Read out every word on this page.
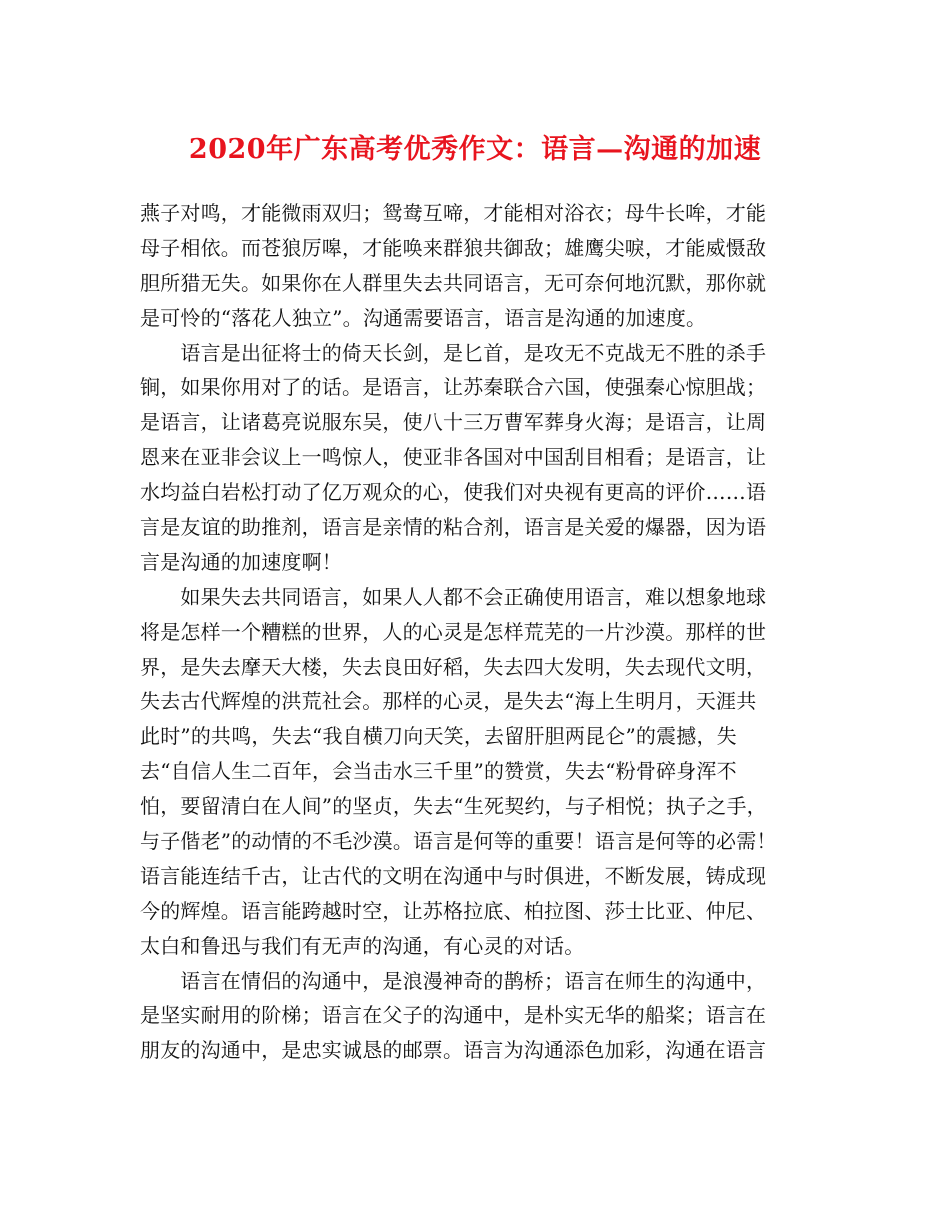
2020年广东高考优秀作文：语言—沟通的加速
燕子对鸣，才能微雨双归；鸳鸯互啼，才能相对浴衣；母牛长哞，才能
母子相依。而苍狼厉嗥，才能唤来群狼共御敌；雄鹰尖唳，才能威慑敌
胆所猎无失。如果你在人群里失去共同语言，无可奈何地沉默，那你就
是可怜的“落花人独立”。沟通需要语言，语言是沟通的加速度。
　　语言是出征将士的倚天长剑，是匕首，是攻无不克战无不胜的杀手
锏，如果你用对了的话。是语言，让苏秦联合六国，使强秦心惊胆战；
是语言，让诸葛亮说服东吴，使八十三万曹军葬身火海；是语言，让周
恩来在亚非会议上一鸣惊人，使亚非各国对中国刮目相看；是语言，让
水均益白岩松打动了亿万观众的心，使我们对央视有更高的评价……语
言是友谊的助推剂，语言是亲情的粘合剂，语言是关爱的爆器，因为语
言是沟通的加速度啊！
　　如果失去共同语言，如果人人都不会正确使用语言，难以想象地球
将是怎样一个糟糕的世界，人的心灵是怎样荒芜的一片沙漠。那样的世
界，是失去摩天大楼，失去良田好稻，失去四大发明，失去现代文明，
失去古代辉煌的洪荒社会。那样的心灵，是失去“海上生明月，天涯共
此时”的共鸣，失去“我自横刀向天笑，去留肝胆两昆仑”的震撼，失
去“自信人生二百年，会当击水三千里”的赞赏，失去“粉骨碎身浑不
怕，要留清白在人间”的坚贞，失去“生死契约，与子相悦；执子之手，
与子偕老”的动情的不毛沙漠。语言是何等的重要！语言是何等的必需！
语言能连结千古，让古代的文明在沟通中与时俱进，不断发展，铸成现
今的辉煌。语言能跨越时空，让苏格拉底、柏拉图、莎士比亚、仲尼、
太白和鲁迅与我们有无声的沟通，有心灵的对话。
　　语言在情侣的沟通中，是浪漫神奇的鹊桥；语言在师生的沟通中，
是坚实耐用的阶梯；语言在父子的沟通中，是朴实无华的船桨；语言在
朋友的沟通中，是忠实诚恳的邮票。语言为沟通添色加彩，沟通在语言
